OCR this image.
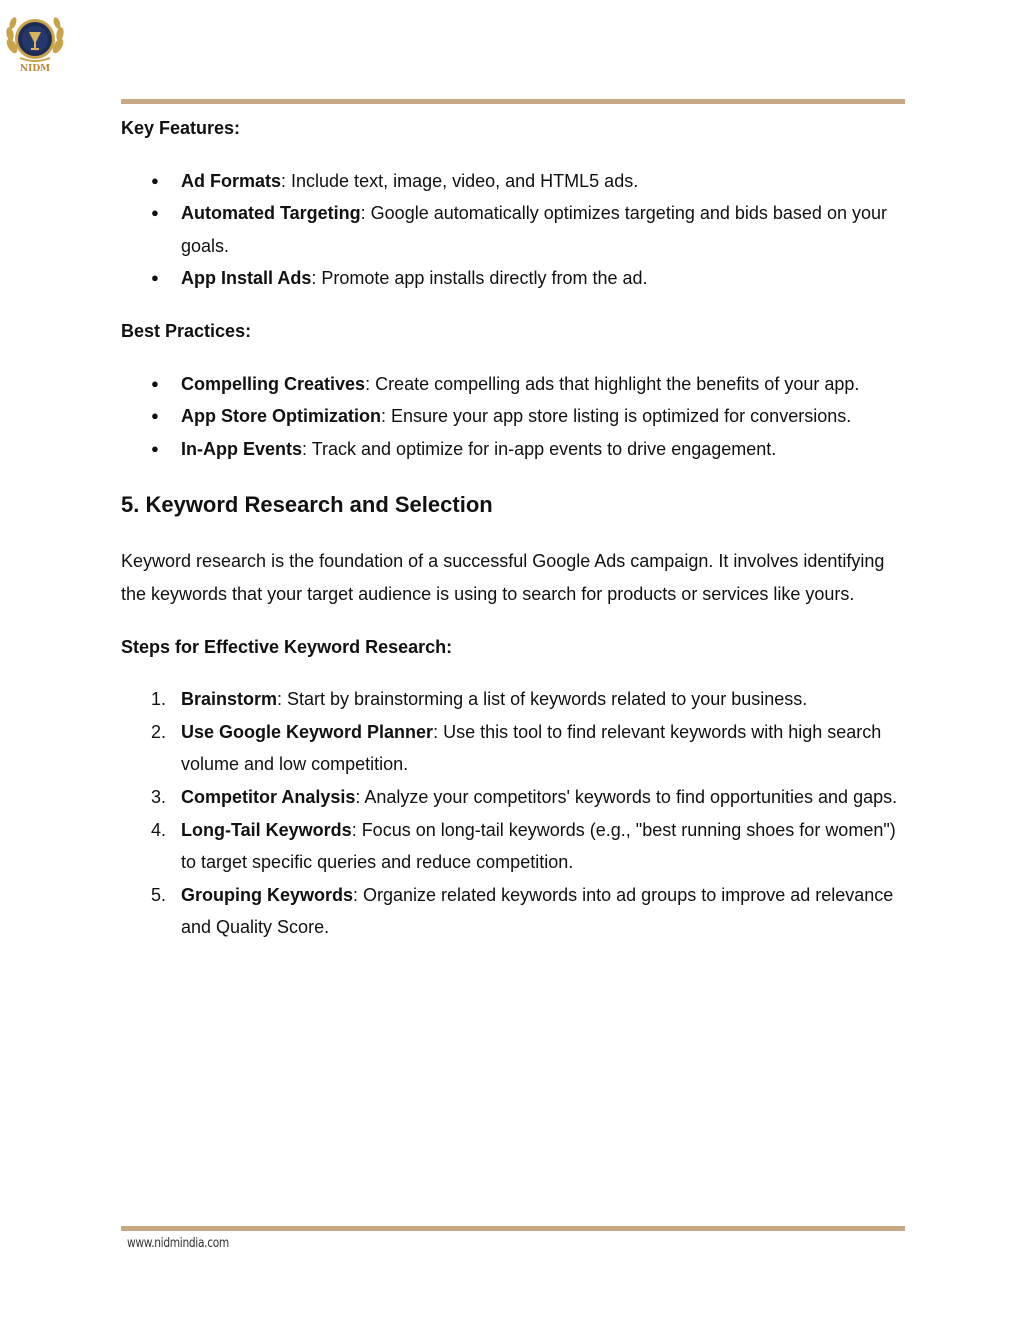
NIDM

Key Features:

●	Ad Formats: Include text, image, video, and HTML5 ads.
●	Automated Targeting: Google automatically optimizes targeting and bids based on your goals.
●	App Install Ads: Promote app installs directly from the ad.

Best Practices:

●	Compelling Creatives: Create compelling ads that highlight the benefits of your app.
●	App Store Optimization: Ensure your app store listing is optimized for conversions.
●	In-App Events: Track and optimize for in-app events to drive engagement.
5. Keyword Research and Selection

Keyword research is the foundation of a successful Google Ads campaign. It involves identifying the keywords that your target audience is using to search for products or services like yours.

Steps for Effective Keyword Research:

1. Brainstorm: Start by brainstorming a list of keywords related to your business.
2. Use Google Keyword Planner: Use this tool to find relevant keywords with high search volume and low competition.
3. Competitor Analysis: Analyze your competitors' keywords to find opportunities and gaps.
4. Long-Tail Keywords: Focus on long-tail keywords (e.g., "best running shoes for women") to target specific queries and reduce competition.
5. Grouping Keywords: Organize related keywords into ad groups to improve ad relevance and Quality Score.
www.nidmindia.com
